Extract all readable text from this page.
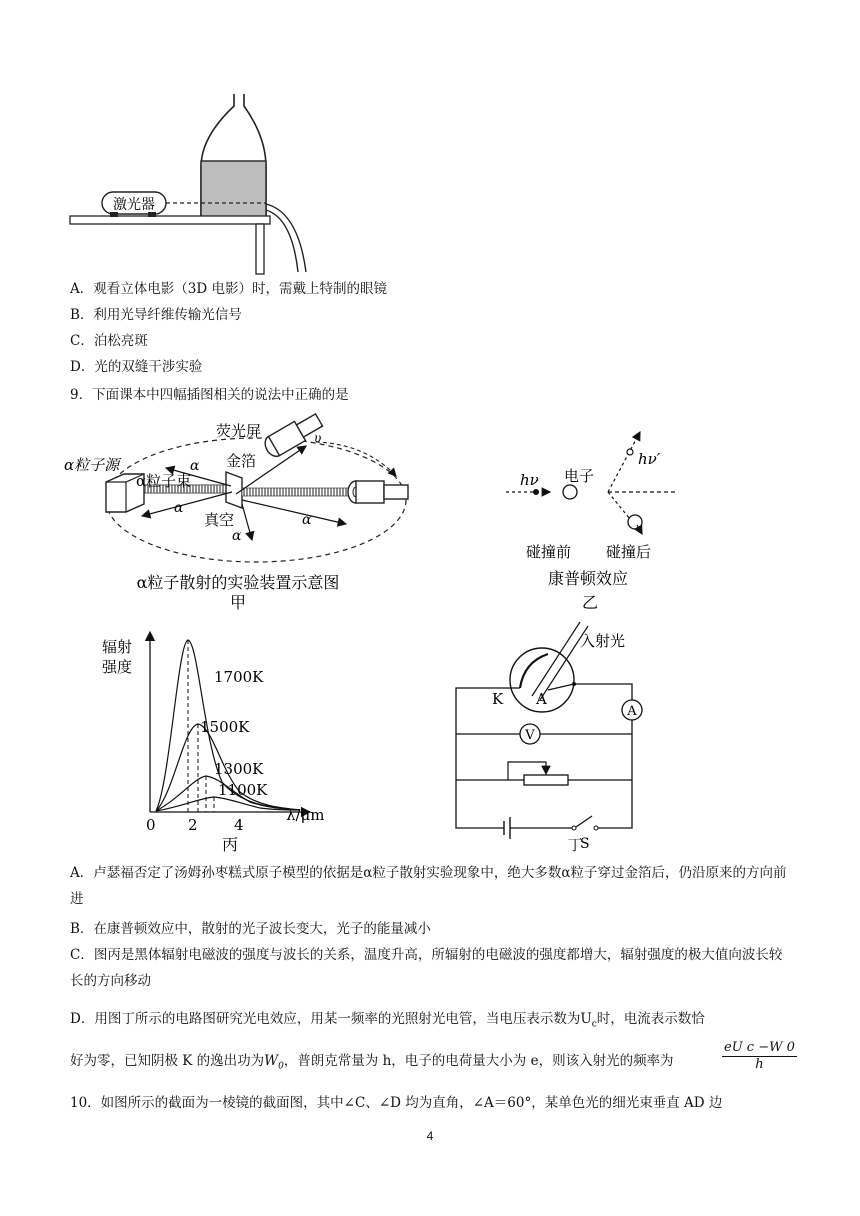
激光器
A．观看立体电影（3D 电影）时，需戴上特制的眼镜
B．利用光导纤维传输光信号
C．泊松亮斑
D．光的双缝干涉实验
9．下面课本中四幅插图相关的说法中正确的是
α粒子源
荧光屏	υ
金箔
α粒子束
真空
α
α
α
α
α粒子散射的实验装置示意图
甲
hν 电子
hν′
碰撞前 碰撞后
康普顿效应
乙
辐射
强度
1700K
1500K
1300K
1100K
0 2 4
λ/μm
丙
A
V
入射光
K A
S
丁
A．卢瑟福否定了汤姆孙枣糕式原子模型的依据是α粒子散射实验现象中，绝大多数α粒子穿过金箔后，仍沿原来的方向前进
B．在康普顿效应中，散射的光子波长变大，光子的能量减小
C．图丙是黑体辐射电磁波的强度与波长的关系，温度升高，所辐射的电磁波的强度都增大，辐射强度的极大值向波长较长的方向移动
D．用图丁所示的电路图研究光电效应，用某一频率的光照射光电管，当电压表示数为$U_c$时，电流表示数恰
好为零，已知阴极 K 的逸出功为$W_0$，普朗克常量为 h，电子的电荷量大小为 e，则该入射光的频率为	$\frac{\text{eU c −W 0}}{h}$
10．如图所示的截面为一棱镜的截面图，其中∠C、∠D 均为直角，∠A＝60°，某单色光的细光束垂直 AD 边
4
